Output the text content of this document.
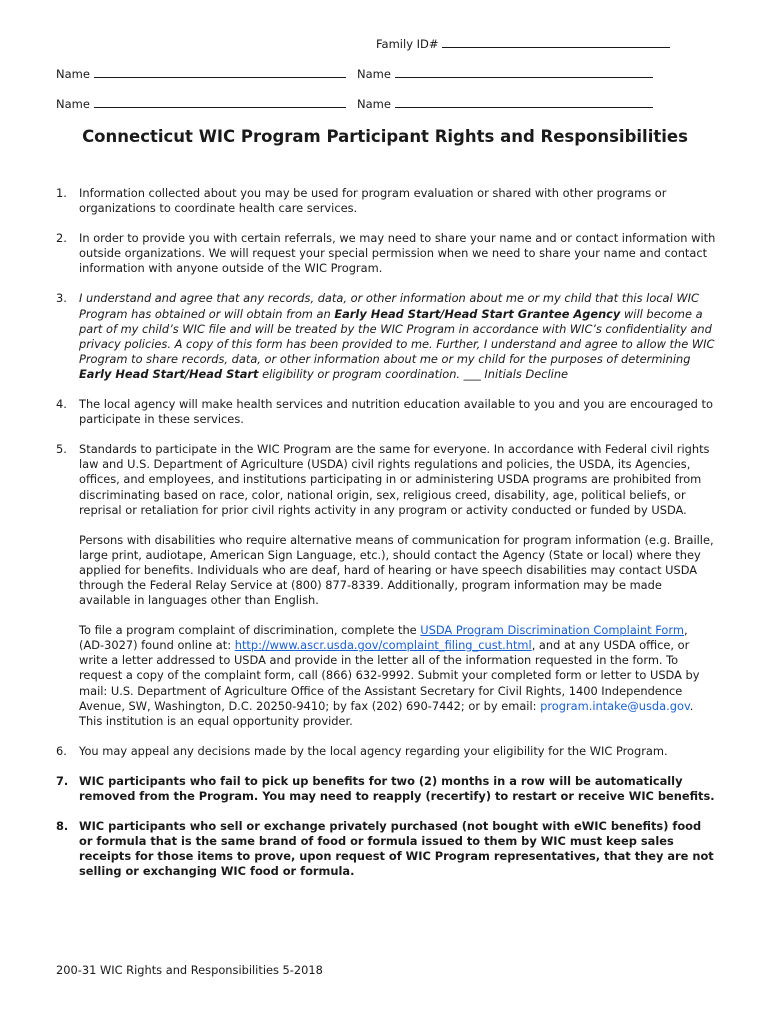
Family ID#
Name	Name
Name	Name
Connecticut WIC Program Participant Rights and Responsibilities
1. Information collected about you may be used for program evaluation or shared with other programs or organizations to coordinate health care services.
2. In order to provide you with certain referrals, we may need to share your name and or contact information with outside organizations. We will request your special permission when we need to share your name and contact information with anyone outside of the WIC Program.
3. I understand and agree that any records, data, or other information about me or my child that this local WIC Program has obtained or will obtain from an Early Head Start/Head Start Grantee Agency will become a part of my child’s WIC file and will be treated by the WIC Program in accordance with WIC’s confidentiality and privacy policies. A copy of this form has been provided to me. Further, I understand and agree to allow the WIC Program to share records, data, or other information about me or my child for the purposes of determining Early Head Start/Head Start eligibility or program coordination. ___ Initials Decline
4. The local agency will make health services and nutrition education available to you and you are encouraged to participate in these services.
5. Standards to participate in the WIC Program are the same for everyone. In accordance with Federal civil rights law and U.S. Department of Agriculture (USDA) civil rights regulations and policies, the USDA, its Agencies, offices, and employees, and institutions participating in or administering USDA programs are prohibited from discriminating based on race, color, national origin, sex, religious creed, disability, age, political beliefs, or reprisal or retaliation for prior civil rights activity in any program or activity conducted or funded by USDA.

Persons with disabilities who require alternative means of communication for program information (e.g. Braille, large print, audiotape, American Sign Language, etc.), should contact the Agency (State or local) where they applied for benefits. Individuals who are deaf, hard of hearing or have speech disabilities may contact USDA through the Federal Relay Service at (800) 877-8339. Additionally, program information may be made available in languages other than English.

To file a program complaint of discrimination, complete the USDA Program Discrimination Complaint Form, (AD-3027) found online at: http://www.ascr.usda.gov/complaint_filing_cust.html, and at any USDA office, or write a letter addressed to USDA and provide in the letter all of the information requested in the form. To request a copy of the complaint form, call (866) 632-9992. Submit your completed form or letter to USDA by mail: U.S. Department of Agriculture Office of the Assistant Secretary for Civil Rights, 1400 Independence Avenue, SW, Washington, D.C. 20250-9410; by fax (202) 690-7442; or by email: program.intake@usda.gov.
This institution is an equal opportunity provider.

6. You may appeal any decisions made by the local agency regarding your eligibility for the WIC Program.
7. WIC participants who fail to pick up benefits for two (2) months in a row will be automatically removed from the Program. You may need to reapply (recertify) to restart or receive WIC benefits.
8. WIC participants who sell or exchange privately purchased (not bought with eWIC benefits) food or formula that is the same brand of food or formula issued to them by WIC must keep sales receipts for those items to prove, upon request of WIC Program representatives, that they are not selling or exchanging WIC food or formula.
200-31 WIC Rights and Responsibilities 5-2018
